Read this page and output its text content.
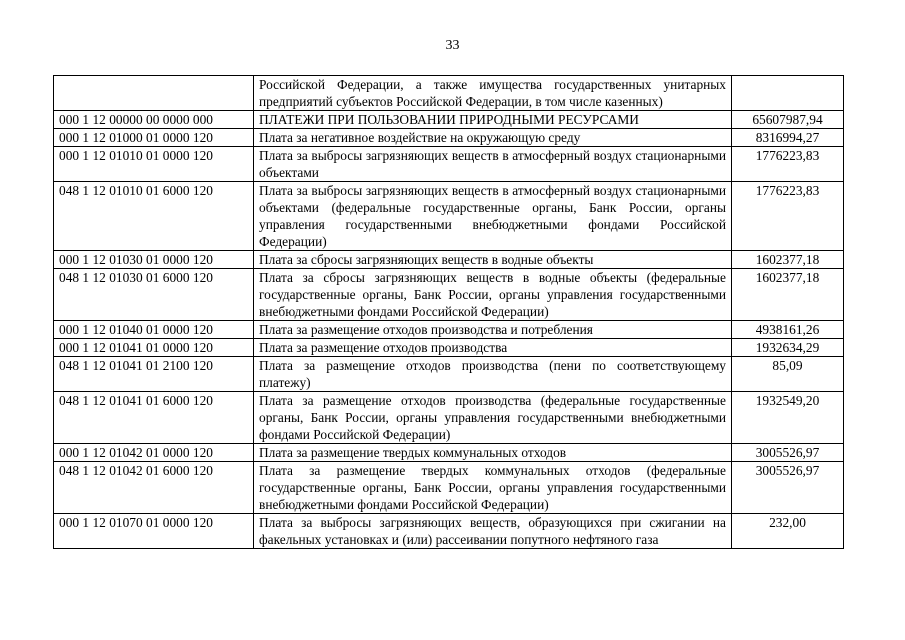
33
	Российской Федерации, а также имущества государственных унитарных предприятий субъектов Российской Федерации, в том числе казенных)	
000 1 12 00000 00 0000 000	ПЛАТЕЖИ ПРИ ПОЛЬЗОВАНИИ ПРИРОДНЫМИ РЕСУРСАМИ	65607987,94
000 1 12 01000 01 0000 120	Плата за негативное воздействие на окружающую среду	8316994,27
000 1 12 01010 01 0000 120	Плата за выбросы загрязняющих веществ в атмосферный воздух стационарными объектами	1776223,83
048 1 12 01010 01 6000 120	Плата за выбросы загрязняющих веществ в атмосферный воздух стационарными объектами (федеральные государственные органы, Банк России, органы управления государственными внебюджетными фондами Российской Федерации)	1776223,83
000 1 12 01030 01 0000 120	Плата за сбросы загрязняющих веществ в водные объекты	1602377,18
048 1 12 01030 01 6000 120	Плата за сбросы загрязняющих веществ в водные объекты (федеральные государственные органы, Банк России, органы управления государственными внебюджетными фондами Российской Федерации)	1602377,18
000 1 12 01040 01 0000 120	Плата за размещение отходов производства и потребления	4938161,26
000 1 12 01041 01 0000 120	Плата за размещение отходов производства	1932634,29
048 1 12 01041 01 2100 120	Плата за размещение отходов производства (пени по соответствующему платежу)	85,09
048 1 12 01041 01 6000 120	Плата за размещение отходов производства (федеральные государственные органы, Банк России, органы управления государственными внебюджетными фондами Российской Федерации)	1932549,20
000 1 12 01042 01 0000 120	Плата за размещение твердых коммунальных отходов	3005526,97
048 1 12 01042 01 6000 120	Плата за размещение твердых коммунальных отходов (федеральные государственные органы, Банк России, органы управления государственными внебюджетными фондами Российской Федерации)	3005526,97
000 1 12 01070 01 0000 120	Плата за выбросы загрязняющих веществ, образующихся при сжигании на факельных установках и (или) рассеивании попутного нефтяного газа	232,00
